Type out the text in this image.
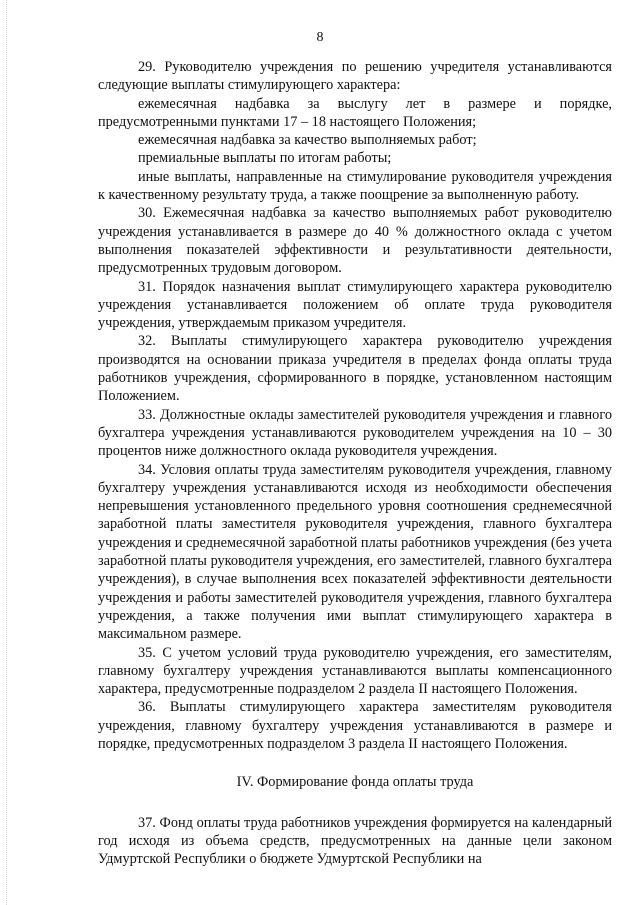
8

29. Руководителю учреждения по решению учредителя устанавливаются следующие выплаты стимулирующего характера:

ежемесячная надбавка за выслугу лет в размере и порядке, предусмотренными пунктами 17 – 18 настоящего Положения;

ежемесячная надбавка за качество выполняемых работ;

премиальные выплаты по итогам работы;

иные выплаты, направленные на стимулирование руководителя учреждения к качественному результату труда, а также поощрение за выполненную работу.

30. Ежемесячная надбавка за качество выполняемых работ руководителю учреждения устанавливается в размере до 40 % должностного оклада с учетом выполнения показателей эффективности и результативности деятельности, предусмотренных трудовым договором.

31. Порядок назначения выплат стимулирующего характера руководителю учреждения устанавливается положением об оплате труда руководителя учреждения, утверждаемым приказом учредителя.

32. Выплаты стимулирующего характера руководителю учреждения производятся на основании приказа учредителя в пределах фонда оплаты труда работников учреждения, сформированного в порядке, установленном настоящим Положением.

33. Должностные оклады заместителей руководителя учреждения и главного бухгалтера учреждения устанавливаются руководителем учреждения на 10 – 30 процентов ниже должностного оклада руководителя учреждения.

34. Условия оплаты труда заместителям руководителя учреждения, главному бухгалтеру учреждения устанавливаются исходя из необходимости обеспечения непревышения установленного предельного уровня соотношения среднемесячной заработной платы заместителя руководителя учреждения, главного бухгалтера учреждения и среднемесячной заработной платы работников учреждения (без учета заработной платы руководителя учреждения, его заместителей, главного бухгалтера учреждения), в случае выполнения всех показателей эффективности деятельности учреждения и работы заместителей руководителя учреждения, главного бухгалтера учреждения, а также получения ими выплат стимулирующего характера в максимальном размере.

35. С учетом условий труда руководителю учреждения, его заместителям, главному бухгалтеру учреждения устанавливаются выплаты компенсационного характера, предусмотренные подразделом 2 раздела II настоящего Положения.

36. Выплаты стимулирующего характера заместителям руководителя учреждения, главному бухгалтеру учреждения устанавливаются в размере и порядке, предусмотренных подразделом 3 раздела II настоящего Положения.

IV. Формирование фонда оплаты труда

37. Фонд оплаты труда работников учреждения формируется на календарный год исходя из объема средств, предусмотренных на данные цели законом Удмуртской Республики о бюджете Удмуртской Республики на
